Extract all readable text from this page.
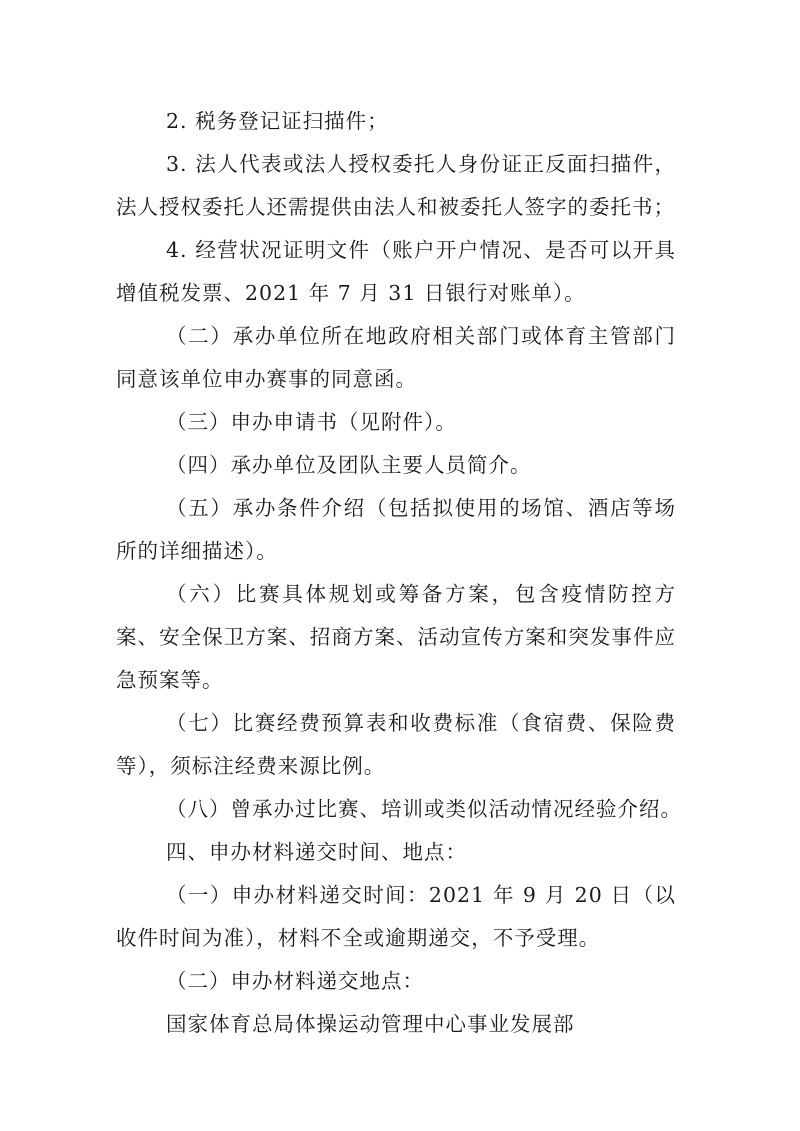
2. 税务登记证扫描件；

3. 法人代表或法人授权委托人身份证正反面扫描件，法人授权委托人还需提供由法人和被委托人签字的委托书；

4. 经营状况证明文件（账户开户情况、是否可以开具增值税发票、2021 年 7 月 31 日银行对账单）。

（二）承办单位所在地政府相关部门或体育主管部门同意该单位申办赛事的同意函。

（三）申办申请书（见附件）。

（四）承办单位及团队主要人员简介。

（五）承办条件介绍（包括拟使用的场馆、酒店等场所的详细描述）。

（六）比赛具体规划或筹备方案，包含疫情防控方案、安全保卫方案、招商方案、活动宣传方案和突发事件应急预案等。

（七）比赛经费预算表和收费标准（食宿费、保险费等），须标注经费来源比例。

（八）曾承办过比赛、培训或类似活动情况经验介绍。

四、申办材料递交时间、地点：

（一）申办材料递交时间：2021 年 9 月 20 日（以收件时间为准），材料不全或逾期递交，不予受理。

（二）申办材料递交地点：

国家体育总局体操运动管理中心事业发展部
